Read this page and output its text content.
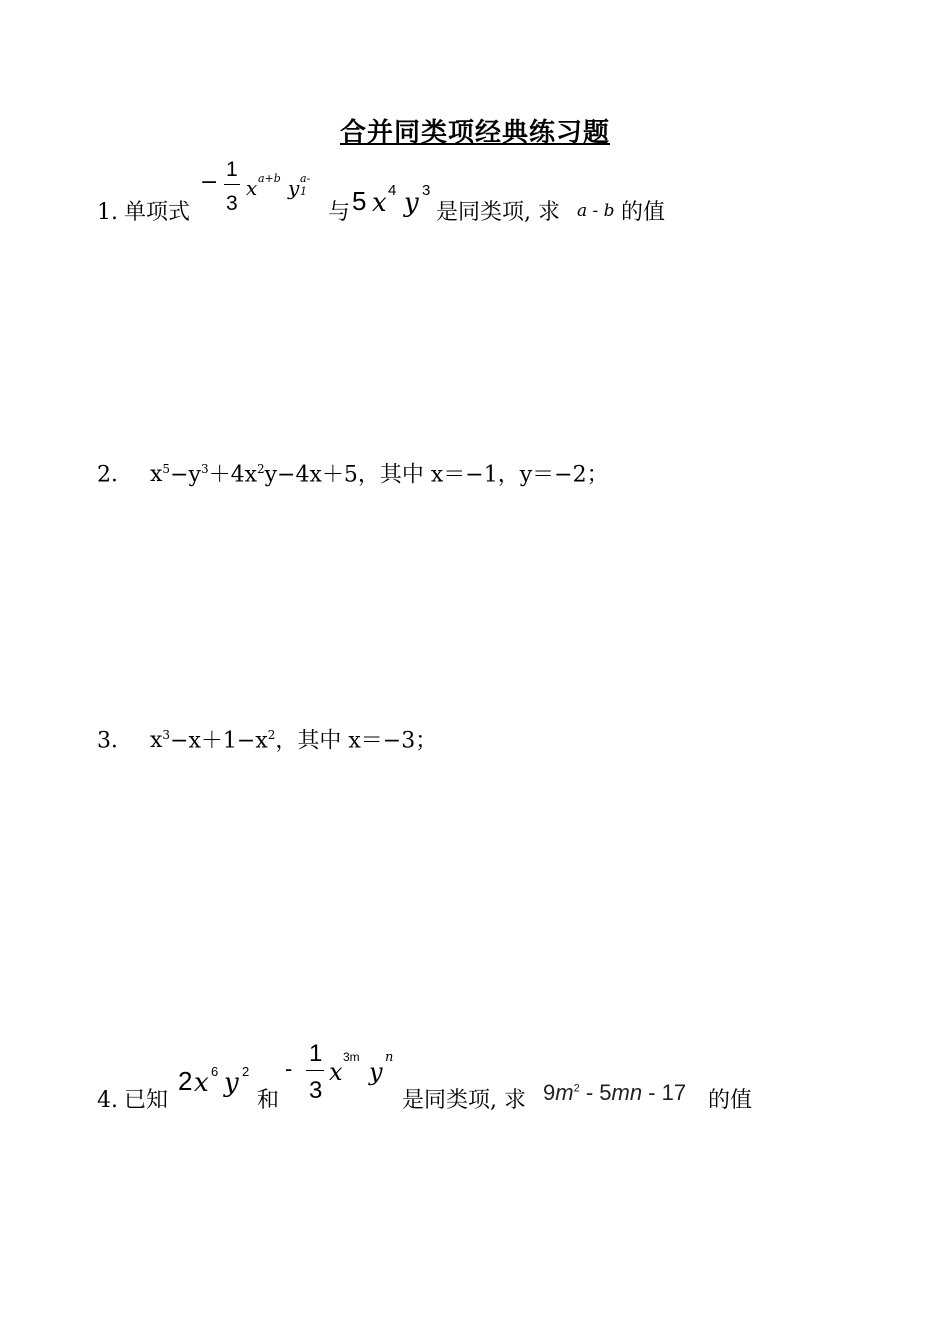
合并同类项经典练习题
1. 单项式
−
1
3
x a+b y a-1
与 5 x 4 y 3
是同类项, 求 a - b 的值
2． $x^5-y^3+4x^2y-4x+5$，其中 x＝−1，y＝−2；
3． $x^3-x+1-x^2$，其中 x＝−3；
4. 已知
2 x 6 y 2
和
-
1
3
x
3m
y
n
是同类项, 求 $9m^2 - 5mn - 17$ 的值
